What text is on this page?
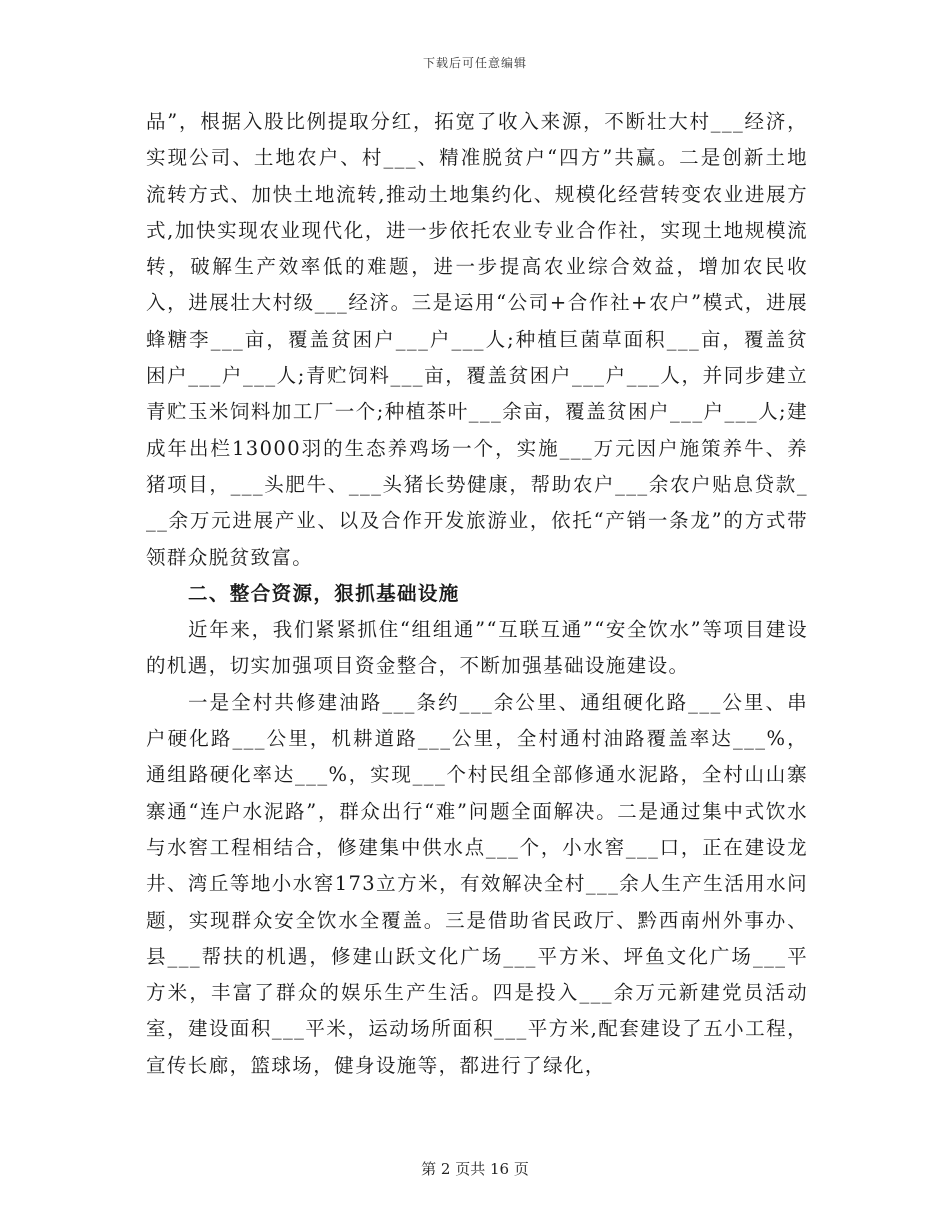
下载后可任意编辑

品”，根据入股比例提取分红，拓宽了收入来源，不断壮大村___经济，实现公司、土地农户、村___、精准脱贫户“四方”共赢。二是创新土地流转方式、加快土地流转,推动土地集约化、规模化经营转变农业进展方式,加快实现农业现代化，进一步依托农业专业合作社，实现土地规模流转，破解生产效率低的难题，进一步提高农业综合效益，增加农民收入，进展壮大村级___经济。三是运用“公司+合作社+农户”模式，进展蜂糖李___亩，覆盖贫困户___户___人;种植巨菌草面积___亩，覆盖贫困户___户___人;青贮饲料___亩，覆盖贫困户___户___人，并同步建立青贮玉米饲料加工厂一个;种植茶叶___余亩，覆盖贫困户___户___人;建成年出栏13000羽的生态养鸡场一个，实施___万元因户施策养牛、养猪项目，___头肥牛、___头猪长势健康，帮助农户___余农户贴息贷款___余万元进展产业、以及合作开发旅游业，依托“产销一条龙”的方式带领群众脱贫致富。

二、整合资源，狠抓基础设施

近年来，我们紧紧抓住“组组通”“互联互通”“安全饮水”等项目建设的机遇，切实加强项目资金整合，不断加强基础设施建设。

一是全村共修建油路___条约___余公里、通组硬化路___公里、串户硬化路___公里，机耕道路___公里，全村通村油路覆盖率达___%，通组路硬化率达___%，实现___个村民组全部修通水泥路，全村山山寨寨通“连户水泥路”，群众出行“难”问题全面解决。二是通过集中式饮水与水窖工程相结合，修建集中供水点___个，小水窖___口，正在建设龙井、湾丘等地小水窖173立方米，有效解决全村___余人生产生活用水问题，实现群众安全饮水全覆盖。三是借助省民政厅、黔西南州外事办、县___帮扶的机遇，修建山跃文化广场___平方米、坪鱼文化广场___平方米，丰富了群众的娱乐生产生活。四是投入___余万元新建党员活动室，建设面积___平米，运动场所面积___平方米,配套建设了五小工程，宣传长廊，篮球场，健身设施等，都进行了绿化，

第 2 页共 16 页
